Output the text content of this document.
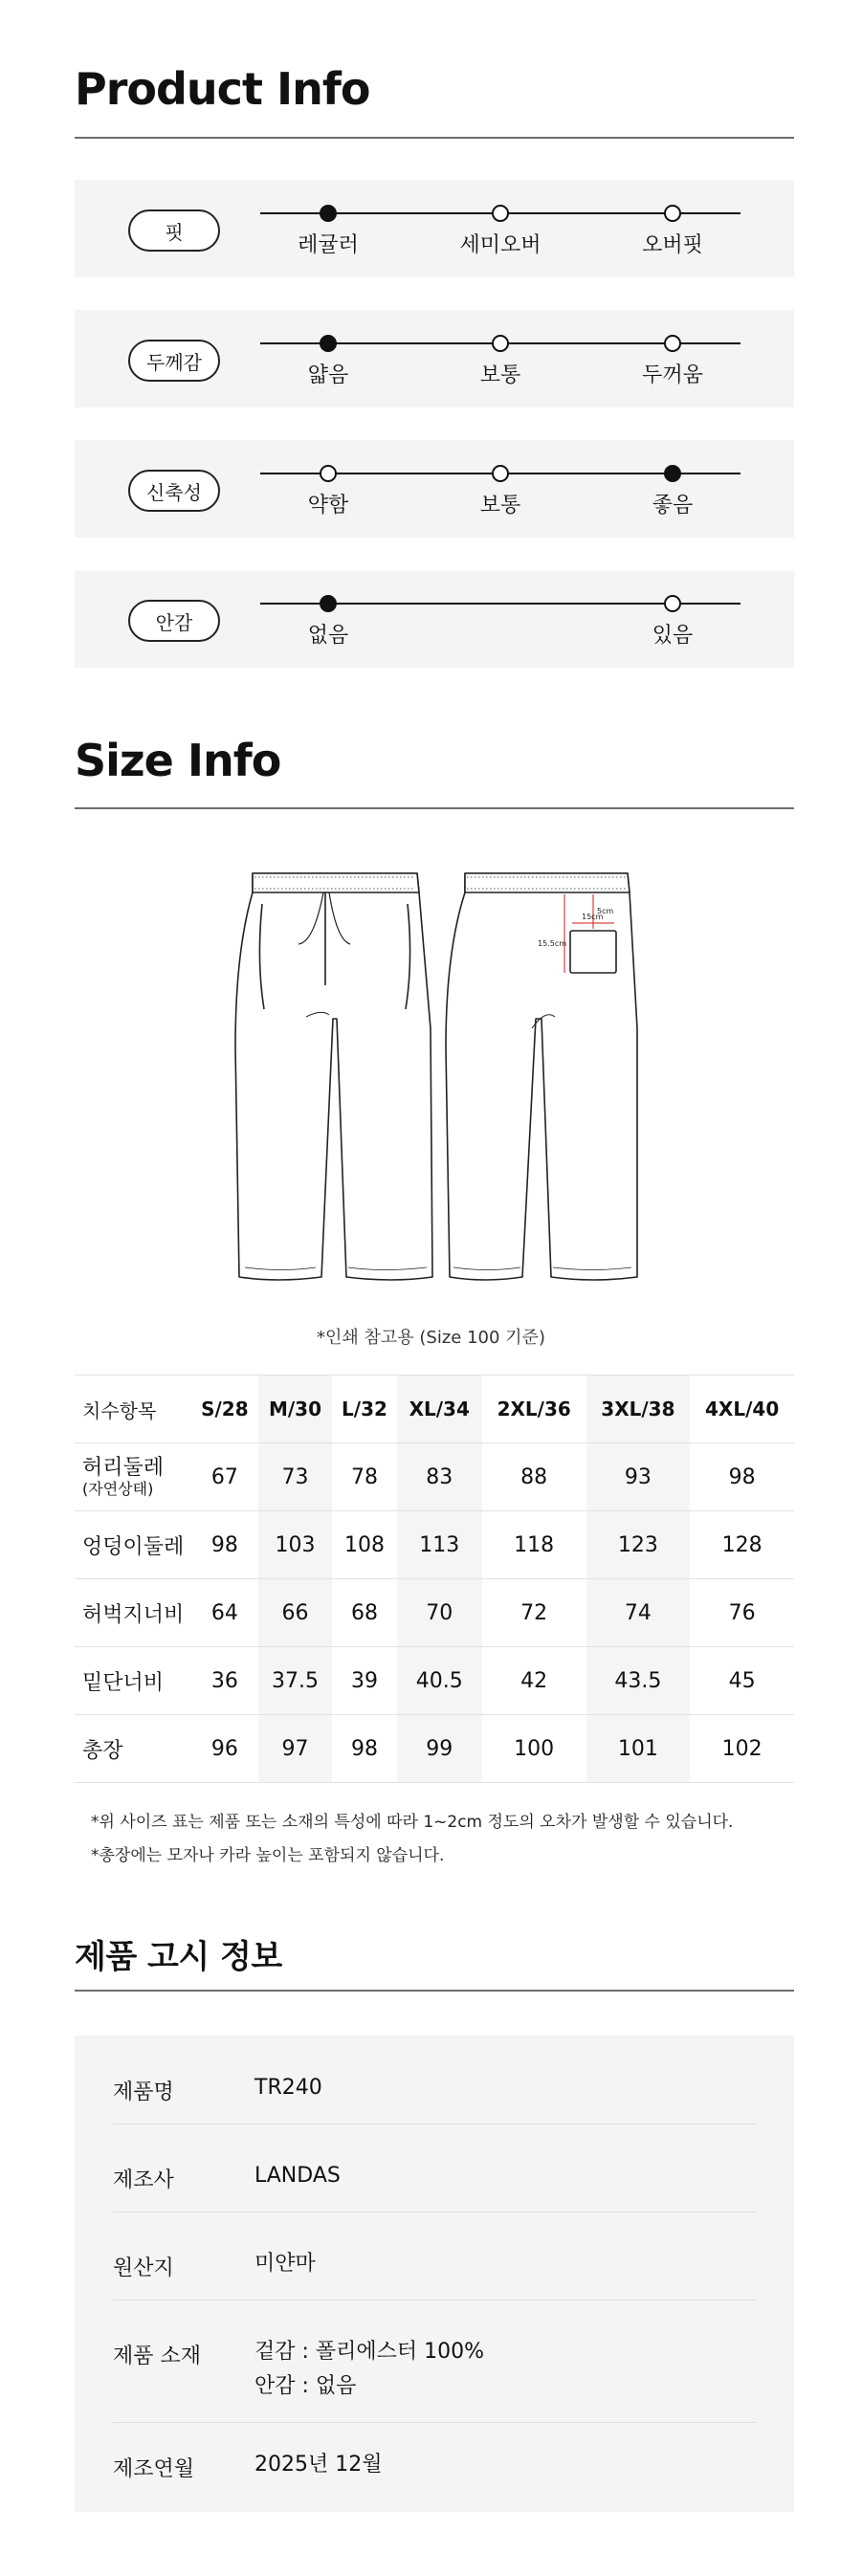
Product Info
핏
레귤러	세미오버	오버핏
두께감
얇음	보통	두꺼움
신축성
약함	보통	좋음
안감
없음	있음
Size Info
5cm
15cm
15.5cm
*인쇄 참고용 (Size 100 기준)
치수항목	S/28	M/30	L/32	XL/34	2XL/36	3XL/38	4XL/40

허리둘레
(자연상태)	67	73	78	83	88	93	98
엉덩이둘레	98	103	108	113	118	123	128
허벅지너비	64	66	68	70	72	74	76
밑단너비	36	37.5	39	40.5	42	43.5	45
총장	96	97	98	99	100	101	102
*위 사이즈 표는 제품 또는 소재의 특성에 따라 1~2cm 정도의 오차가 발생할 수 있습니다.
*총장에는 모자나 카라 높이는 포함되지 않습니다.
제품 고시 정보
제품명	TR240
제조사	LANDAS
원산지	미얀마
제품 소재	겉감 : 폴리에스터 100%
안감 : 없음
제조연월	2025년 12월
